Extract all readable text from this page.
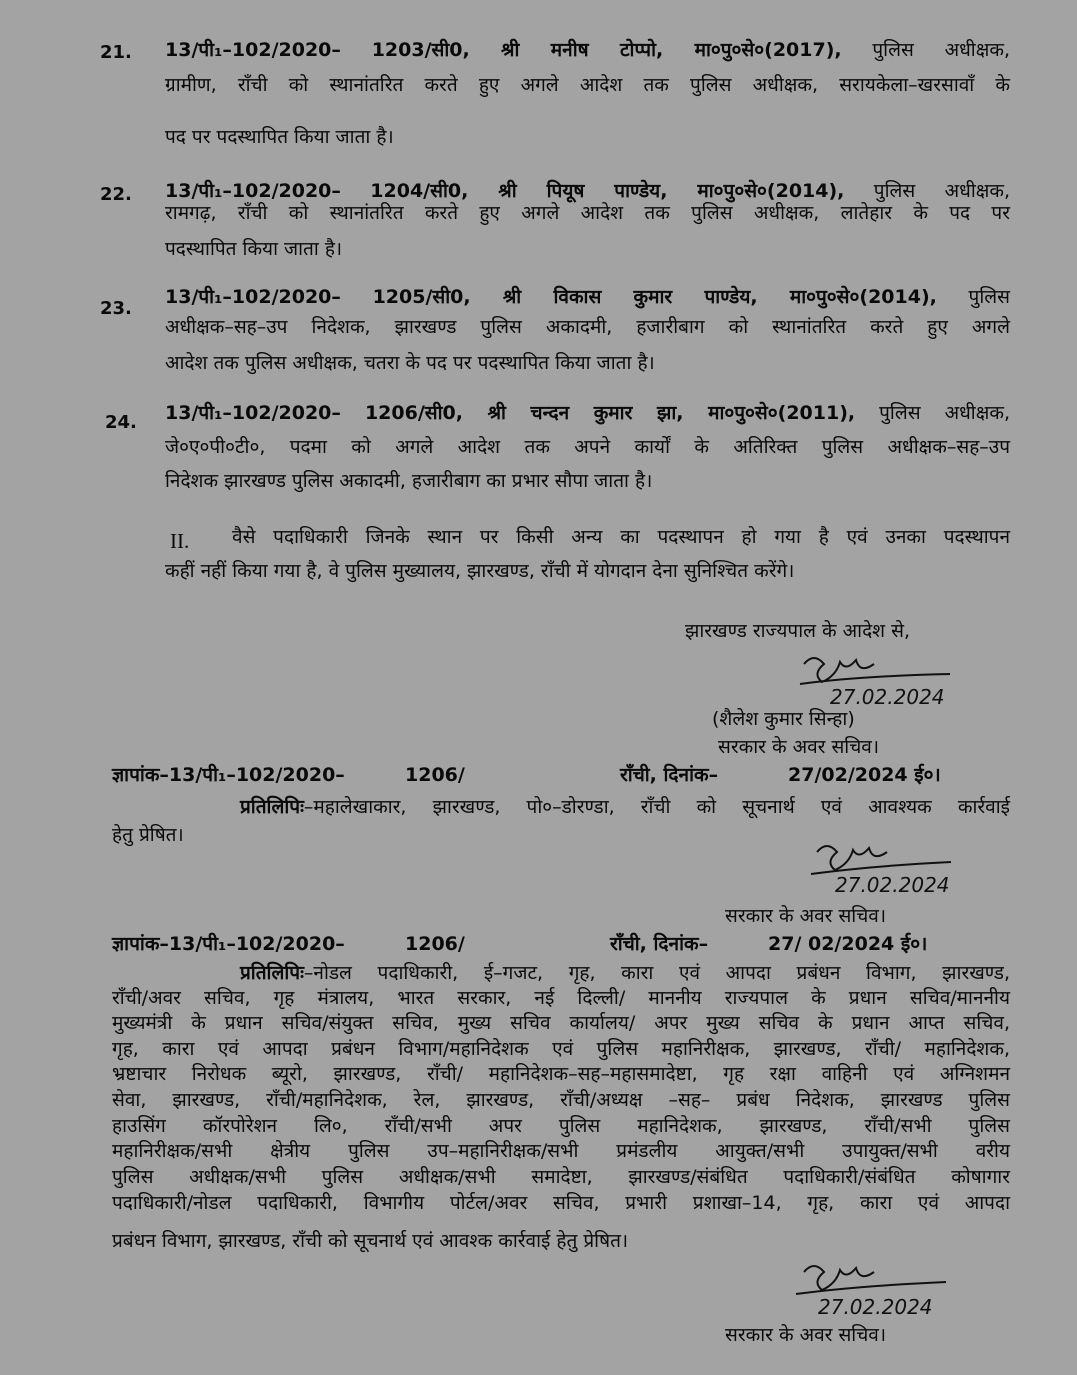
21. 13/पी₁–102/2020– 1203/सी0, श्री मनीष टोप्पो, मा०पु०से०(2017), पुलिस अधीक्षक,
ग्रामीण, राँची को स्थानांतरित करते हुए अगले आदेश तक पुलिस अधीक्षक, सरायकेला–खरसावाँ के
पद पर पदस्थापित किया जाता है।
22. 13/पी₁–102/2020– 1204/सी0, श्री पियूष पाण्डेय, मा०पु०से०(2014), पुलिस अधीक्षक,
रामगढ़, राँची को स्थानांतरित करते हुए अगले आदेश तक पुलिस अधीक्षक, लातेहार के पद पर
पदस्थापित किया जाता है।
23.
13/पी₁–102/2020– 1205/सी0, श्री विकास कुमार पाण्डेय, मा०पु०से०(2014), पुलिस
अधीक्षक–सह–उप निदेशक, झारखण्ड पुलिस अकादमी, हजारीबाग को स्थानांतरित करते हुए अगले
आदेश तक पुलिस अधीक्षक, चतरा के पद पर पदस्थापित किया जाता है।
24. 13/पी₁–102/2020– 1206/सी0, श्री चन्दन कुमार झा, मा०पु०से०(2011), पुलिस अधीक्षक,
जे०ए०पी०टी०, पदमा को अगले आदेश तक अपने कार्यों के अतिरिक्त पुलिस अधीक्षक–सह–उप
निदेशक झारखण्ड पुलिस अकादमी, हजारीबाग का प्रभार सौपा जाता है।
II. वैसे पदाधिकारी जिनके स्थान पर किसी अन्य का पदस्थापन हो गया है एवं उनका पदस्थापन
कहीं नहीं किया गया है, वे पुलिस मुख्यालय, झारखण्ड, राँची में योगदान देना सुनिश्चित करेंगे।
झारखण्ड राज्यपाल के आदेश से,
27.02.2024
(शैलेश कुमार सिन्हा)
सरकार के अवर सचिव।
ज्ञापांक–13/पी₁–102/2020–	1206/	राँची, दिनांक–	27/02/2024 ई०।
प्रतिलिपिः–महालेखाकार, झारखण्ड, पो०–डोरण्डा, राँची को सूचनार्थ एवं आवश्यक कार्रवाई
हेतु प्रेषित।
27.02.2024
सरकार के अवर सचिव।
ज्ञापांक–13/पी₁–102/2020–	1206/	राँची, दिनांक–	27/ 02/2024 ई०।
प्रतिलिपिः–नोडल पदाधिकारी, ई–गजट, गृह, कारा एवं आपदा प्रबंधन विभाग, झारखण्ड,
राँची/अवर सचिव, गृह मंत्रालय, भारत सरकार, नई दिल्ली/ माननीय राज्यपाल के प्रधान सचिव/माननीय
मुख्यमंत्री के प्रधान सचिव/संयुक्त सचिव, मुख्य सचिव कार्यालय/ अपर मुख्य सचिव के प्रधान आप्त सचिव,
गृह, कारा एवं आपदा प्रबंधन विभाग/महानिदेशक एवं पुलिस महानिरीक्षक, झारखण्ड, राँची/ महानिदेशक,
भ्रष्टाचार निरोधक ब्यूरो, झारखण्ड, राँची/ महानिदेशक–सह–महासमादेष्टा, गृह रक्षा वाहिनी एवं अग्निशमन
सेवा, झारखण्ड, राँची/महानिदेशक, रेल, झारखण्ड, राँची/अध्यक्ष –सह– प्रबंध निदेशक, झारखण्ड पुलिस
हाउसिंग कॉरपोरेशन लि०, राँची/सभी अपर पुलिस महानिदेशक, झारखण्ड, राँची/सभी पुलिस
महानिरीक्षक/सभी क्षेत्रीय पुलिस उप–महानिरीक्षक/सभी प्रमंडलीय आयुक्त/सभी उपायुक्त/सभी वरीय
पुलिस अधीक्षक/सभी पुलिस अधीक्षक/सभी समादेष्टा, झारखण्ड/संबंधित पदाधिकारी/संबंधित कोषागार
पदाधिकारी/नोडल पदाधिकारी, विभागीय पोर्टल/अवर सचिव, प्रभारी प्रशाखा–14, गृह, कारा एवं आपदा
प्रबंधन विभाग, झारखण्ड, राँची को सूचनार्थ एवं आवश्क कार्रवाई हेतु प्रेषित।
27.02.2024
सरकार के अवर सचिव।
